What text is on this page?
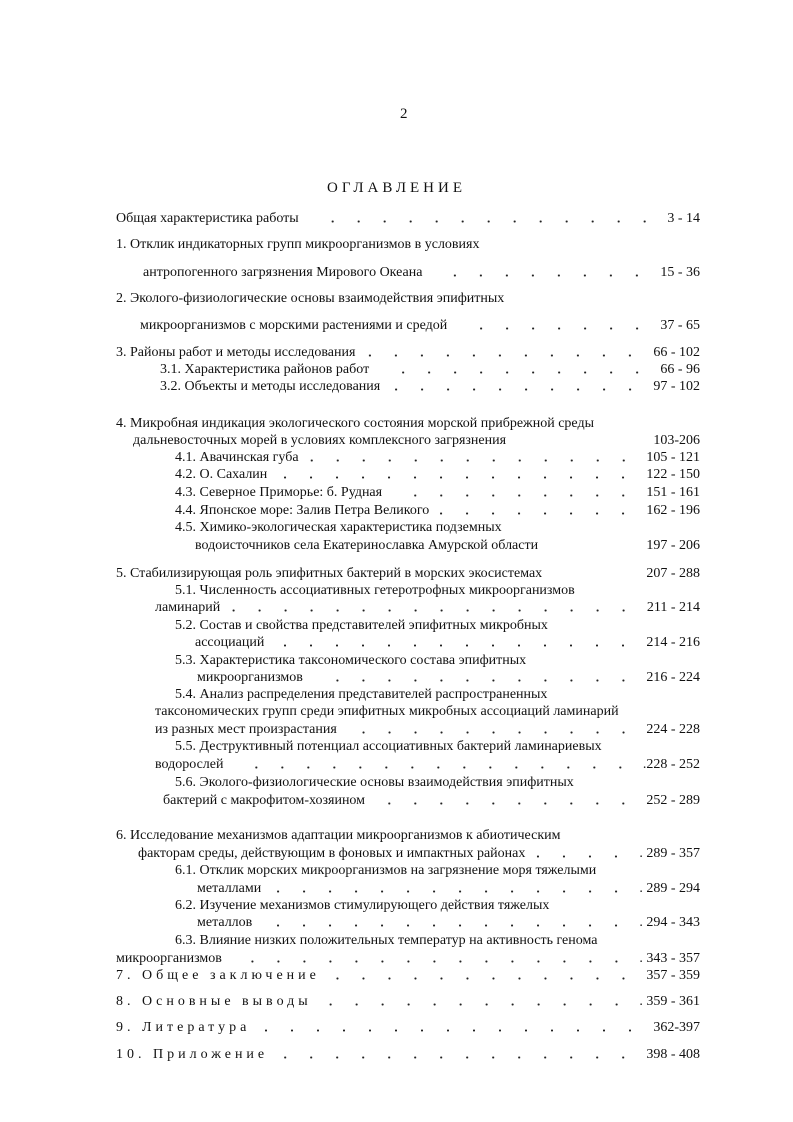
2
ОГЛАВЛЕНИЕ
Общая характеристика работы	3 - 14
1. Отклик индикаторных групп микроорганизмов в условиях
антропогенного загрязнения Мирового Океана	15 - 36
2. Эколого-физиологические основы взаимодействия эпифитных
микроорганизмов с морскими растениями и средой	37 - 65
3. Районы работ и методы исследования	66 - 102
3.1. Характеристика районов работ	66 - 96
3.2. Объекты и методы исследования	97 - 102
4. Микробная индикация экологического состояния морской прибрежной среды
дальневосточных морей в условиях комплексного загрязнения	103-206
4.1. Авачинская губа	105 - 121
4.2. О. Сахалин	122 - 150
4.3. Северное Приморье: б. Рудная	151 - 161
4.4. Японское море: Залив Петра Великого	162 - 196
4.5. Химико-экологическая характеристика подземных
водоисточников села Екатеринославка Амурской области	197 - 206
5. Стабилизирующая роль эпифитных бактерий в морских экосистемах	207 - 288
5.1. Численность ассоциативных гетеротрофных микроорганизмов
ламинарий	211 - 214
5.2. Состав и свойства представителей эпифитных микробных
ассоциаций	214 - 216
5.3. Характеристика таксономического состава эпифитных
микроорганизмов	216 - 224
5.4. Анализ распределения представителей распространенных
таксономических групп среди эпифитных микробных ассоциаций ламинарий
из разных мест произрастания	224 - 228
5.5. Деструктивный потенциал ассоциативных бактерий ламинариевых
водорослей	.228 - 252
5.6. Эколого-физиологические основы взаимодействия эпифитных
бактерий с макрофитом-хозяином	252 - 289
6. Исследование механизмов адаптации микроорганизмов к абиотическим
факторам среды, действующим в фоновых и импактных районах	. 289 - 357
6.1. Отклик морских микроорганизмов на загрязнение моря тяжелыми
металлами	. 289 - 294
6.2. Изучение механизмов стимулирующего действия тяжелых
металлов	. 294 - 343
6.3. Влияние низких положительных температур на активность генома
микроорганизмов	. 343 - 357
7. Общее заключение	357 - 359
8. Основные выводы	. 359 - 361
9. Литература	362-397
10. Приложение	398 - 408
